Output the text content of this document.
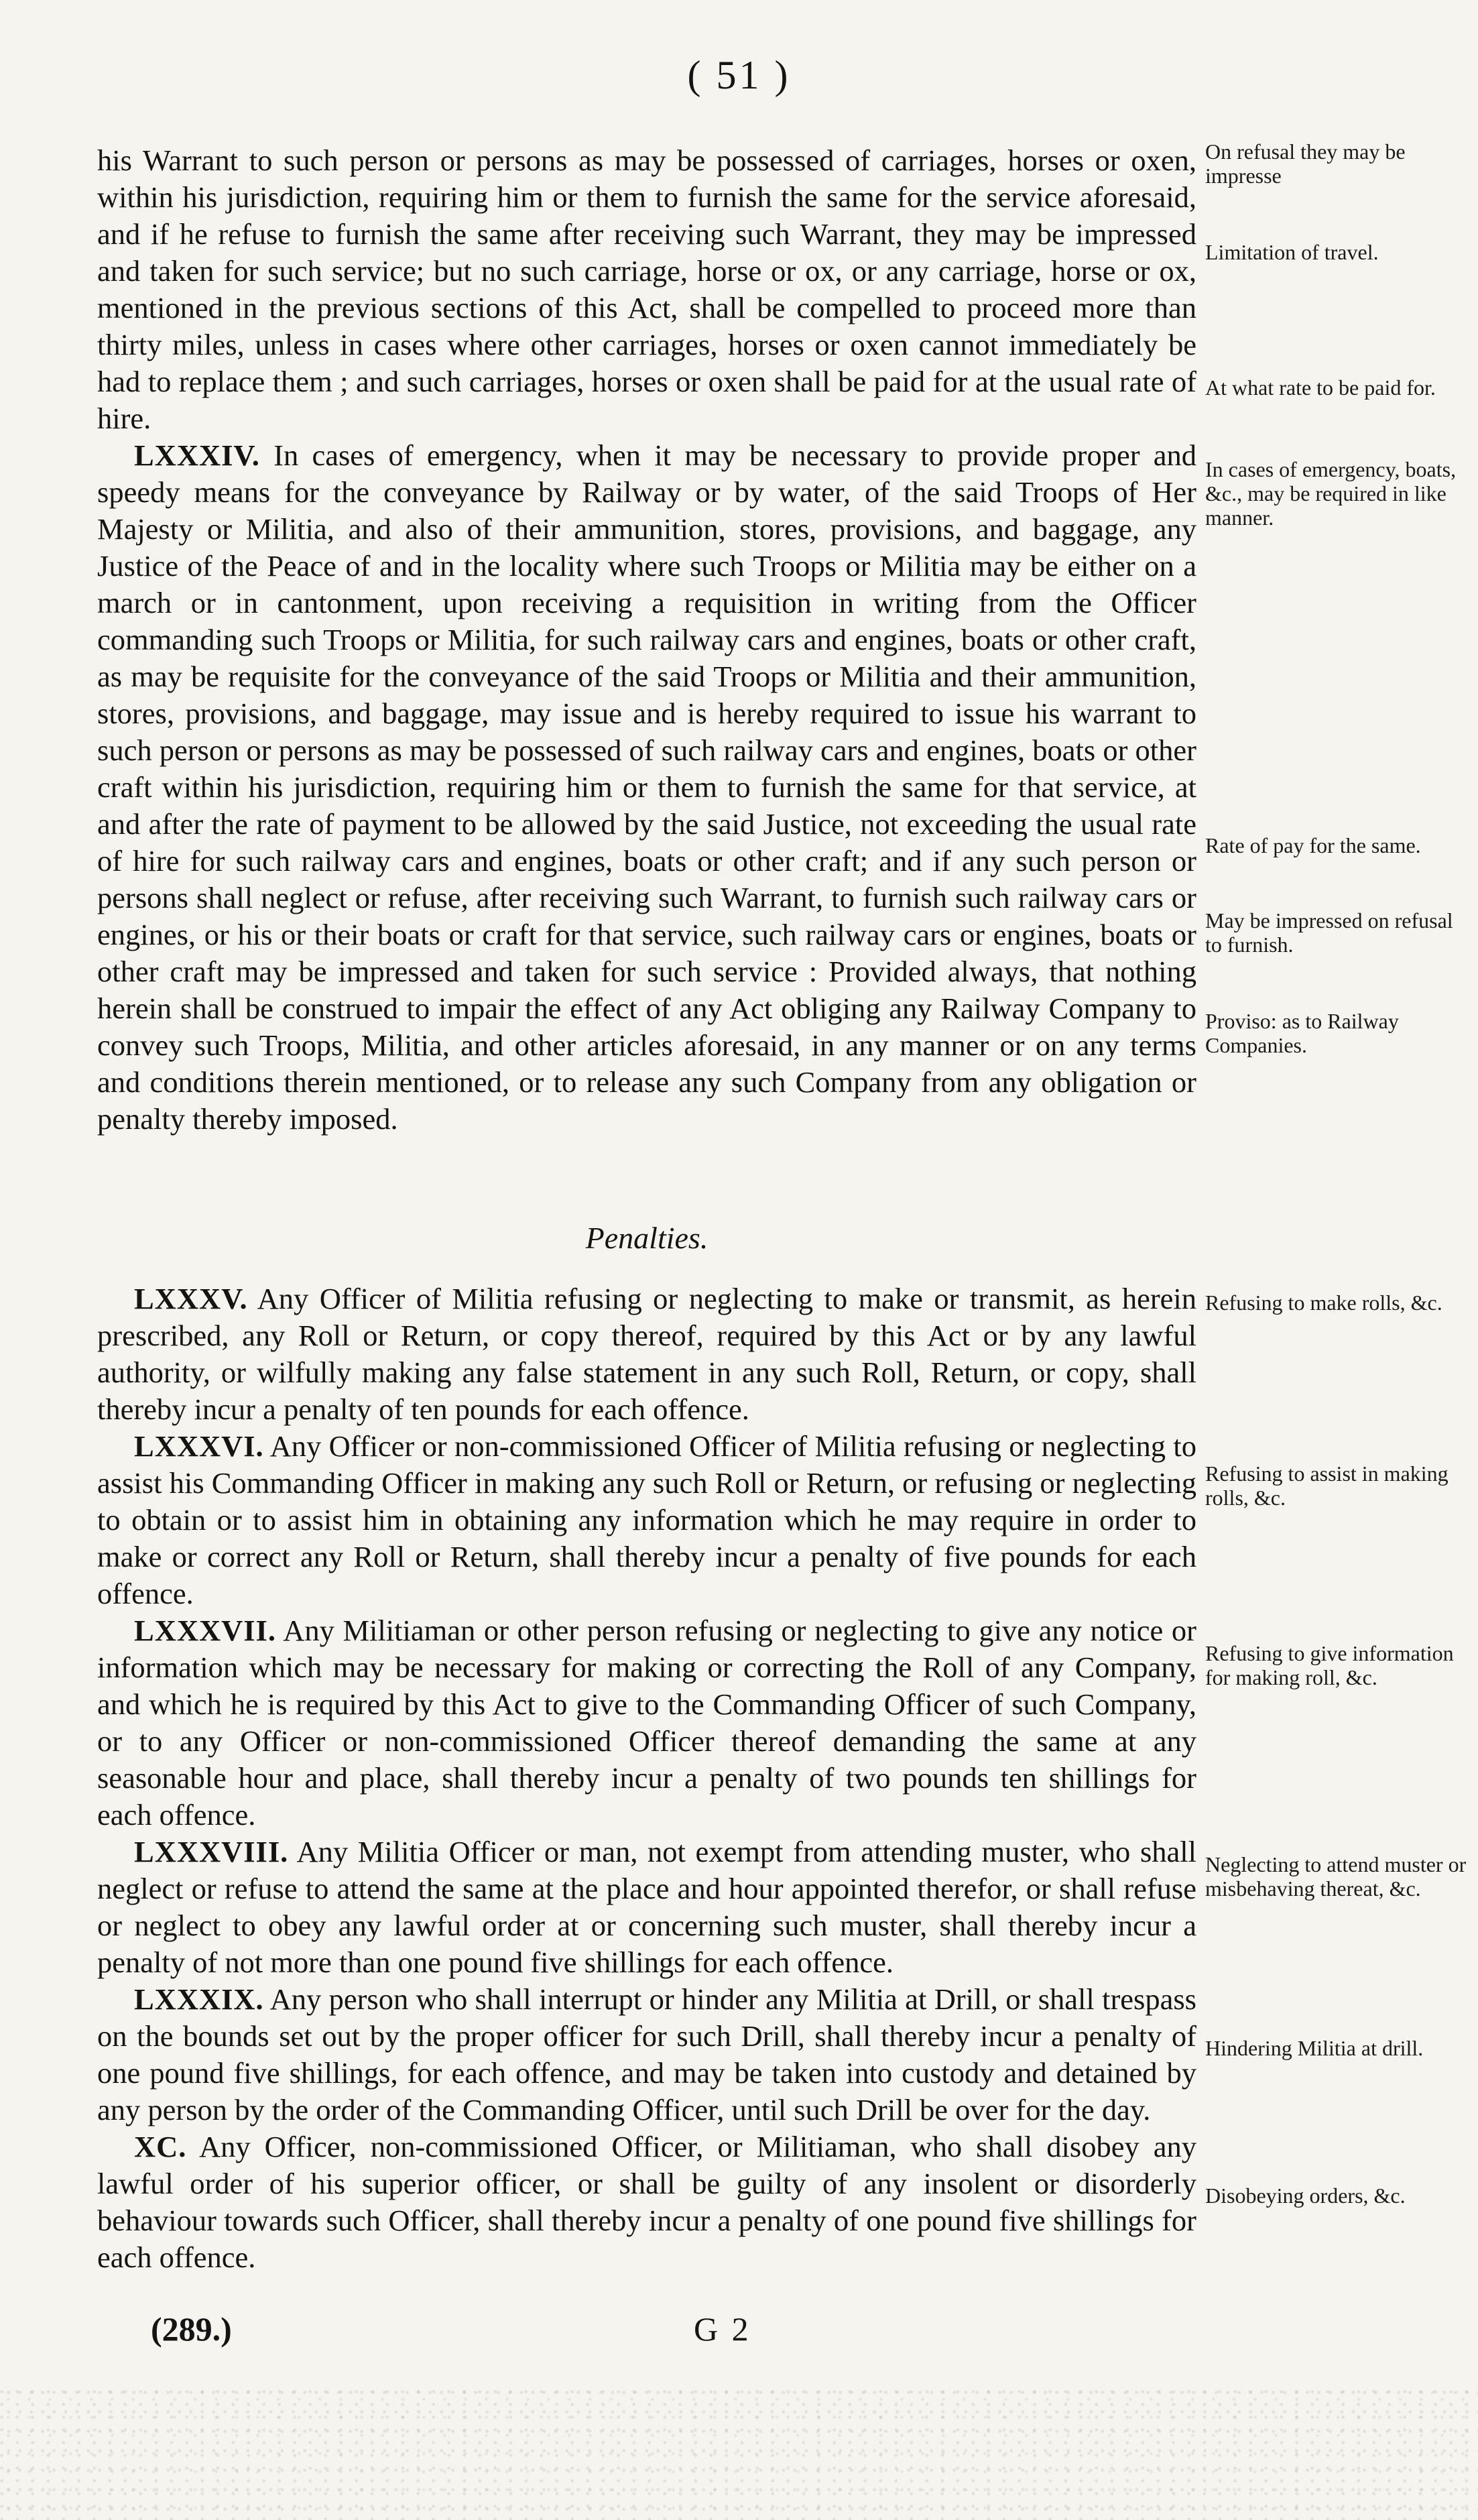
( 51 )

his Warrant to such person or persons as may be possessed of carriages, horses or oxen, within his jurisdiction, requiring him or them to furnish the same for the service aforesaid, and if he refuse to furnish the same after receiving such Warrant, they may be impressed and taken for such service; but no such carriage, horse or ox, or any carriage, horse or ox, mentioned in the previous sections of this Act, shall be compelled to proceed more than thirty miles, unless in cases where other carriages, horses or oxen cannot immediately be had to replace them ; and such carriages, horses or oxen shall be paid for at the usual rate of hire.

LXXXIV. In cases of emergency, when it may be necessary to provide proper and speedy means for the conveyance by Railway or by water, of the said Troops of Her Majesty or Militia, and also of their ammunition, stores, provisions, and baggage, any Justice of the Peace of and in the locality where such Troops or Militia may be either on a march or in cantonment, upon receiving a requisition in writing from the Officer commanding such Troops or Militia, for such railway cars and engines, boats or other craft, as may be requisite for the conveyance of the said Troops or Militia and their ammunition, stores, provisions, and baggage, may issue and is hereby required to issue his warrant to such person or persons as may be possessed of such railway cars and engines, boats or other craft within his jurisdiction, requiring him or them to furnish the same for that service, at and after the rate of payment to be allowed by the said Justice, not exceeding the usual rate of hire for such railway cars and engines, boats or other craft; and if any such person or persons shall neglect or refuse, after receiving such Warrant, to furnish such railway cars or engines, or his or their boats or craft for that service, such railway cars or engines, boats or other craft may be impressed and taken for such service : Provided always, that nothing herein shall be construed to impair the effect of any Act obliging any Railway Company to convey such Troops, Militia, and other articles aforesaid, in any manner or on any terms and conditions therein mentioned, or to release any such Company from any obligation or penalty thereby imposed.

Penalties.

LXXXV. Any Officer of Militia refusing or neglecting to make or transmit, as herein prescribed, any Roll or Return, or copy thereof, required by this Act or by any lawful authority, or wilfully making any false statement in any such Roll, Return, or copy, shall thereby incur a penalty of ten pounds for each offence.

LXXXVI. Any Officer or non-commissioned Officer of Militia refusing or neglecting to assist his Commanding Officer in making any such Roll or Return, or refusing or neglecting to obtain or to assist him in obtaining any information which he may require in order to make or correct any Roll or Return, shall thereby incur a penalty of five pounds for each offence.

LXXXVII. Any Militiaman or other person refusing or neglecting to give any notice or information which may be necessary for making or correcting the Roll of any Company, and which he is required by this Act to give to the Commanding Officer of such Company, or to any Officer or non-commissioned Officer thereof demanding the same at any seasonable hour and place, shall thereby incur a penalty of two pounds ten shillings for each offence.

LXXXVIII. Any Militia Officer or man, not exempt from attending muster, who shall neglect or refuse to attend the same at the place and hour appointed therefor, or shall refuse or neglect to obey any lawful order at or concerning such muster, shall thereby incur a penalty of not more than one pound five shillings for each offence.

LXXXIX. Any person who shall interrupt or hinder any Militia at Drill, or shall trespass on the bounds set out by the proper officer for such Drill, shall thereby incur a penalty of one pound five shillings, for each offence, and may be taken into custody and detained by any person by the order of the Commanding Officer, until such Drill be over for the day.

XC. Any Officer, non-commissioned Officer, or Militiaman, who shall disobey any lawful order of his superior officer, or shall be guilty of any insolent or disorderly behaviour towards such Officer, shall thereby incur a penalty of one pound five shillings for each offence.

On refusal they may be impresse
Limitation of travel.
At what rate to be paid for.
In cases of emergency, boats, &c., may be required in like manner.
Rate of pay for the same.
May be impressed on refusal to furnish.
Proviso: as to Railway Companies.
Refusing to make rolls, &c.
Refusing to assist in making rolls, &c.
Refusing to give information for making roll, &c.
Neglecting to attend muster or misbehaving thereat, &c.
Hindering Militia at drill.
Disobeying orders, &c.
(289.)	G 2
